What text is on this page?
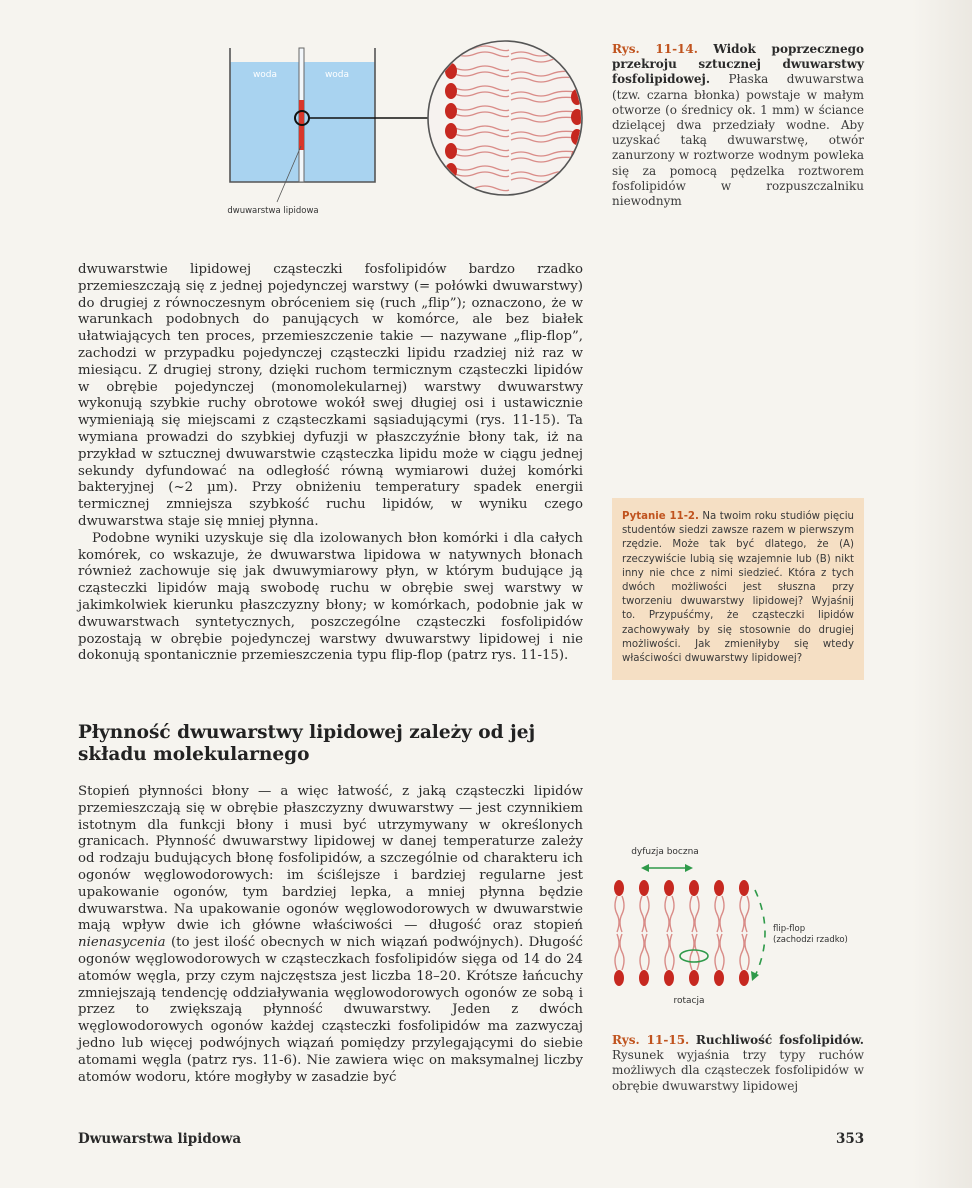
woda	woda
dwuwarstwa lipidowa
Rys. 11-14. Widok poprzecznego przekroju sztucznej dwuwarstwy fosfolipidowej. Płaska dwuwarstwa (tzw. czarna błonka) powstaje w małym otworze (o średnicy ok. 1 mm) w ściance dzielącej dwa przedziały wodne. Aby uzyskać taką dwuwarstwę, otwór zanurzony w roztworze wodnym powleka się za pomocą pędzelka roztworem fosfolipidów w rozpuszczalniku niewodnym

dwuwarstwie lipidowej cząsteczki fosfolipidów bardzo rzadko przemieszczają się z jednej pojedynczej warstwy (= połówki dwuwarstwy) do drugiej z równoczesnym obróceniem się (ruch „flip”); oznaczono, że w warunkach podobnych do panujących w komórce, ale bez białek ułatwiających ten proces, przemieszczenie takie — nazywane „flip-flop”, zachodzi w przypadku pojedynczej cząsteczki lipidu rzadziej niż raz w miesiącu. Z drugiej strony, dzięki ruchom termicznym cząsteczki lipidów w obrębie pojedynczej (monomolekularnej) warstwy dwuwarstwy wykonują szybkie ruchy obrotowe wokół swej długiej osi i ustawicznie wymieniają się miejscami z cząsteczkami sąsiadującymi (rys. 11-15). Ta wymiana prowadzi do szybkiej dyfuzji w płaszczyźnie błony tak, iż na przykład w sztucznej dwuwarstwie cząsteczka lipidu może w ciągu jednej sekundy dyfundować na odległość równą wymiarowi dużej komórki bakteryjnej (~2 µm). Przy obniżeniu temperatury spadek energii termicznej zmniejsza szybkość ruchu lipidów, w wyniku czego dwuwarstwa staje się mniej płynna.

Podobne wyniki uzyskuje się dla izolowanych błon komórki i dla całych komórek, co wskazuje, że dwuwarstwa lipidowa w natywnych błonach również zachowuje się jak dwuwymiarowy płyn, w którym budujące ją cząsteczki lipidów mają swobodę ruchu w obrębie swej warstwy w jakimkolwiek kierunku płaszczyzny błony; w komórkach, podobnie jak w dwuwarstwach syntetycznych, poszczególne cząsteczki fosfolipidów pozostają w obrębie pojedynczej warstwy dwuwarstwy lipidowej i nie dokonują spontanicznie przemieszczenia typu flip-flop (patrz rys. 11-15).

Płynność dwuwarstwy lipidowej zależy od jej składu molekularnego

Stopień płynności błony — a więc łatwość, z jaką cząsteczki lipidów przemieszczają się w obrębie płaszczyzny dwuwarstwy — jest czynnikiem istotnym dla funkcji błony i musi być utrzymywany w określonych granicach. Płynność dwuwarstwy lipidowej w danej temperaturze zależy od rodzaju budujących błonę fosfolipidów, a szczególnie od charakteru ich ogonów węglowodorowych: im ściślejsze i bardziej regularne jest upakowanie ogonów, tym bardziej lepka, a mniej płynna będzie dwuwarstwa. Na upakowanie ogonów węglowodorowych w dwuwarstwie mają wpływ dwie ich główne właściwości — długość oraz stopień nienasycenia (to jest ilość obecnych w nich wiązań podwójnych). Długość ogonów węglowodorowych w cząsteczkach fosfolipidów sięga od 14 do 24 atomów węgla, przy czym najczęstsza jest liczba 18–20. Krótsze łańcuchy zmniejszają tendencję oddziaływania węglowodorowych ogonów ze sobą i przez to zwiększają płynność dwuwarstwy. Jeden z dwóch węglowodorowych ogonów każdej cząsteczki fosfolipidów ma zazwyczaj jedno lub więcej podwójnych wiązań pomiędzy przylegającymi do siebie atomami węgla (patrz rys. 11-6). Nie zawiera więc on maksymalnej liczby atomów wodoru, które mogłyby w zasadzie być

Pytanie 11-2. Na twoim roku studiów pięciu studentów siedzi zawsze razem w pierwszym rzędzie. Może tak być dlatego, że (A) rzeczywiście lubią się wzajemnie lub (B) nikt inny nie chce z nimi siedzieć. Która z tych dwóch możliwości jest słuszna przy tworzeniu dwuwarstwy lipidowej? Wyjaśnij to. Przypuśćmy, że cząsteczki lipidów zachowywały by się stosownie do drugiej możliwości. Jak zmieniłyby się wtedy właściwości dwuwarstwy lipidowej?
dyfuzja boczna
rotacja
flip-flop
(zachodzi rzadko)
Rys. 11-15. Ruchliwość fosfolipidów. Rysunek wyjaśnia trzy typy ruchów możliwych dla cząsteczek fosfolipidów w obrębie dwuwarstwy lipidowej
Dwuwarstwa lipidowa	353
